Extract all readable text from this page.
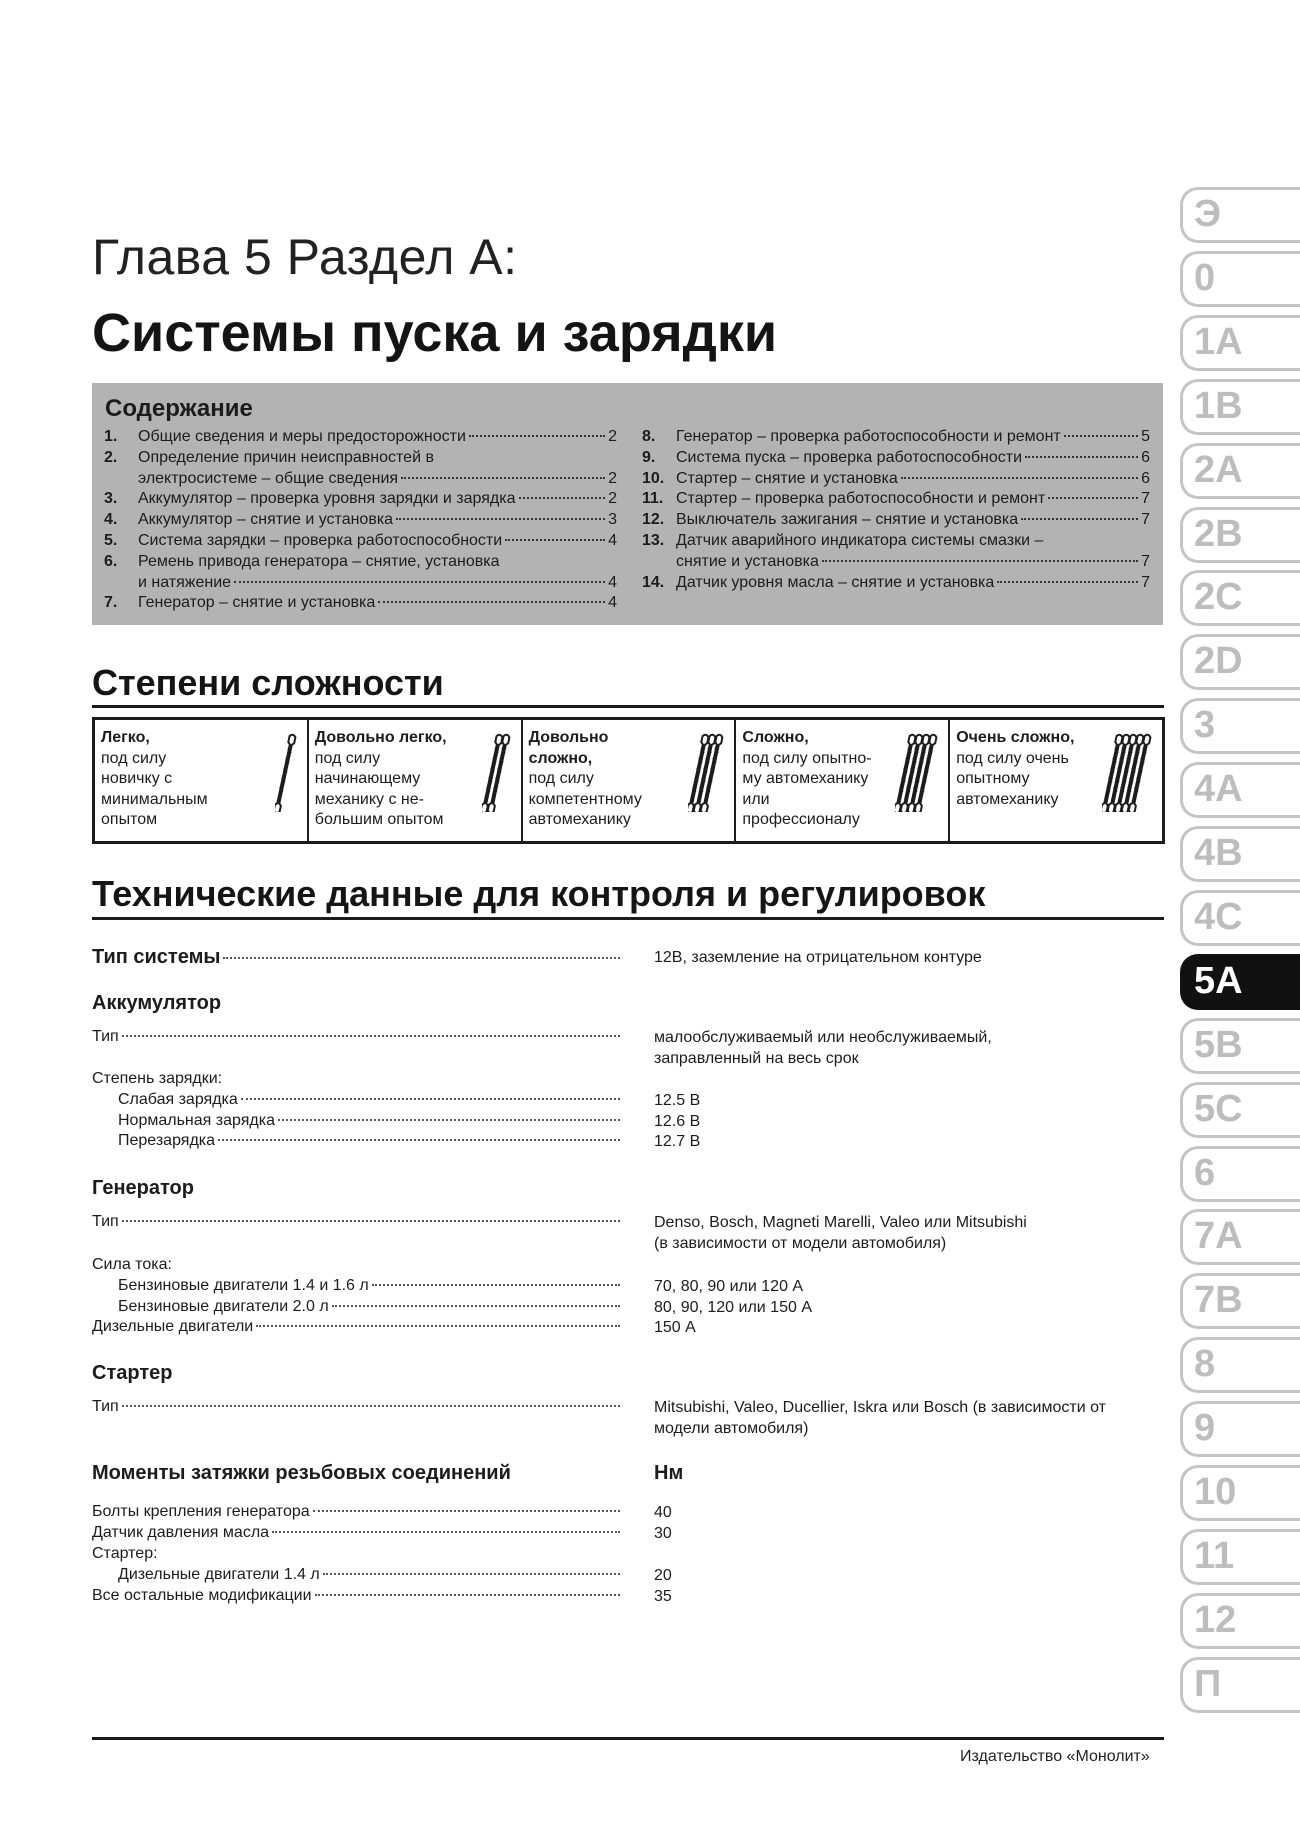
Глава 5 Раздел А:
Системы пуска и зарядки
Содержание
1.	Общие сведения и меры предосторожности	2
2.	Определение причин неисправностей в
электросистеме – общие сведения	2
3.	Аккумулятор – проверка уровня зарядки и зарядка	2
4.	Аккумулятор – снятие и установка	3
5.	Система зарядки – проверка работоспособности	4
6.	Ремень привода генератора – снятие, установка
и натяжение	4
7.	Генератор – снятие и установка	4
8.	Генератор – проверка работоспособности и ремонт	5
9.	Система пуска – проверка работоспособности	6
10. Стартер – снятие и установка	6
11. Стартер – проверка работоспособности и ремонт	7
12. Выключатель зажигания – снятие и установка	7
13. Датчик аварийного индикатора системы смазки –
снятие и установка	7
14. Датчик уровня масла – снятие и установка	7
Степени сложности
Легко,
под силу
новичку с
минимальным
опытом
Довольно легко,
под силу
начинающему
механику с не-
большим опытом
Довольно
сложно,
под силу
компетентному
автомеханику
Сложно,
под силу опытно-
му автомеханику
или
профессионалу
Очень сложно,
под силу очень
опытному
автомеханику
Технические данные для контроля и регулировок
Тип системы	12В, заземление на отрицательном контуре
Аккумулятор
Тип	малообслуживаемый или необслуживаемый,
заправленный на весь срок
Степень зарядки:
Слабая зарядка	12.5 В
Нормальная зарядка	12.6 В
Перезарядка	12.7 В
Генератор
Тип	Denso, Bosch, Magneti Marelli, Valeo или Mitsubishi
(в зависимости от модели автомобиля)
Сила тока:
Бензиновые двигатели 1.4 и 1.6 л	70, 80, 90 или 120 А
Бензиновые двигатели 2.0 л	80, 90, 120 или 150 А
Дизельные двигатели	150 А
Стартер
Тип	Mitsubishi, Valeo, Ducellier, Iskra или Bosch (в зависимости от
модели автомобиля)
Моменты затяжки резьбовых соединений	Нм
Болты крепления генератора	40
Датчик давления масла	30
Стартер:
Дизельные двигатели 1.4 л	20
Все остальные модификации	35
Э
0
1A
1B
2A
2B
2C
2D
3
4A
4B
4C
5A
5B
5C
6
7A
7B
8
9
10
11
12
П
Издательство «Монолит»
